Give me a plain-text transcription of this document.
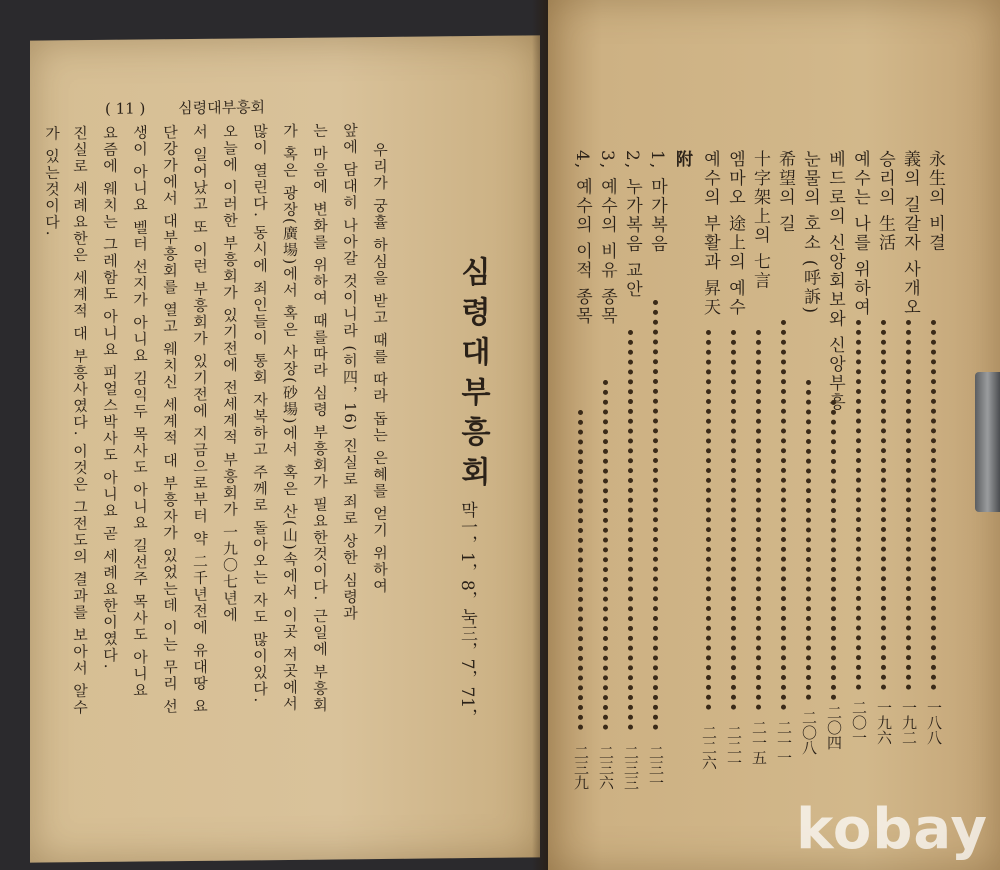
( 11 ) 심령대부흥회
우리가 궁휼 하심을 받고 때를 따라 돕는 은혜를 얻기 위하여
앞에 담대히 나아갈 것이니라 (히四，16) 진실로 죄로 상한 심령과
는 마음에 변화를 위하여 때를따라 심령 부흥회가 필요한것이다. 근일에 부흥회
가 혹은 광장(廣場)에서 혹은 사장(砂場)에서 혹은 산(山)속에서 이곳 저곳에서
많이 열린다. 동시에 죄인들이 통회 자복하고 주께로 돌아오는 자도 많이있다.
오늘에 이러한 부흥회가 있기전에 전세계적 부흥회가 一九〇七년에
서 일어났고 또 이런 부흥회가 있기전에 지금으로부터 약 二千년전에 유대땅 요
단강가에서 대부흥회를 열고 웨치신 세계적 대 부흥자가 있었는데 이는 무리 선
생이 아니요 벨터 선지가 아니요 김익두 목사도 아니요 길선주 목사도 아니요
요즘에 웨치는 그레함도 아니요 피얼스박사도 아니요 곧 세례요한이였다.
진실로 세례요한은 세계적 대 부흥사였다. 이것은 그전도의 결과를 보아서 알수
가 있는것이다.
심령대부흥회
막一，1，8，눅三，7，71，
永生의 비결
義의 길갈자 사개오
승리의 生活
예수는 나를 위하여
베드로의 신앙회보와 신앙부흥
눈물의 호소 (呼訴)
希望의 길
十字架上의 七言
엠마오 途上의 예수
예수의 부활과 昇天
附
1, 마가복음
2, 누가복음 교안
3, 예수의 비유 종목
4, 예수의 이적 종목
一八八
一九二
一九六
二〇一
二〇四
二〇八
二一一
二一五
二二一
二二六
二三一
二三三
二三六
二三九
kobay
